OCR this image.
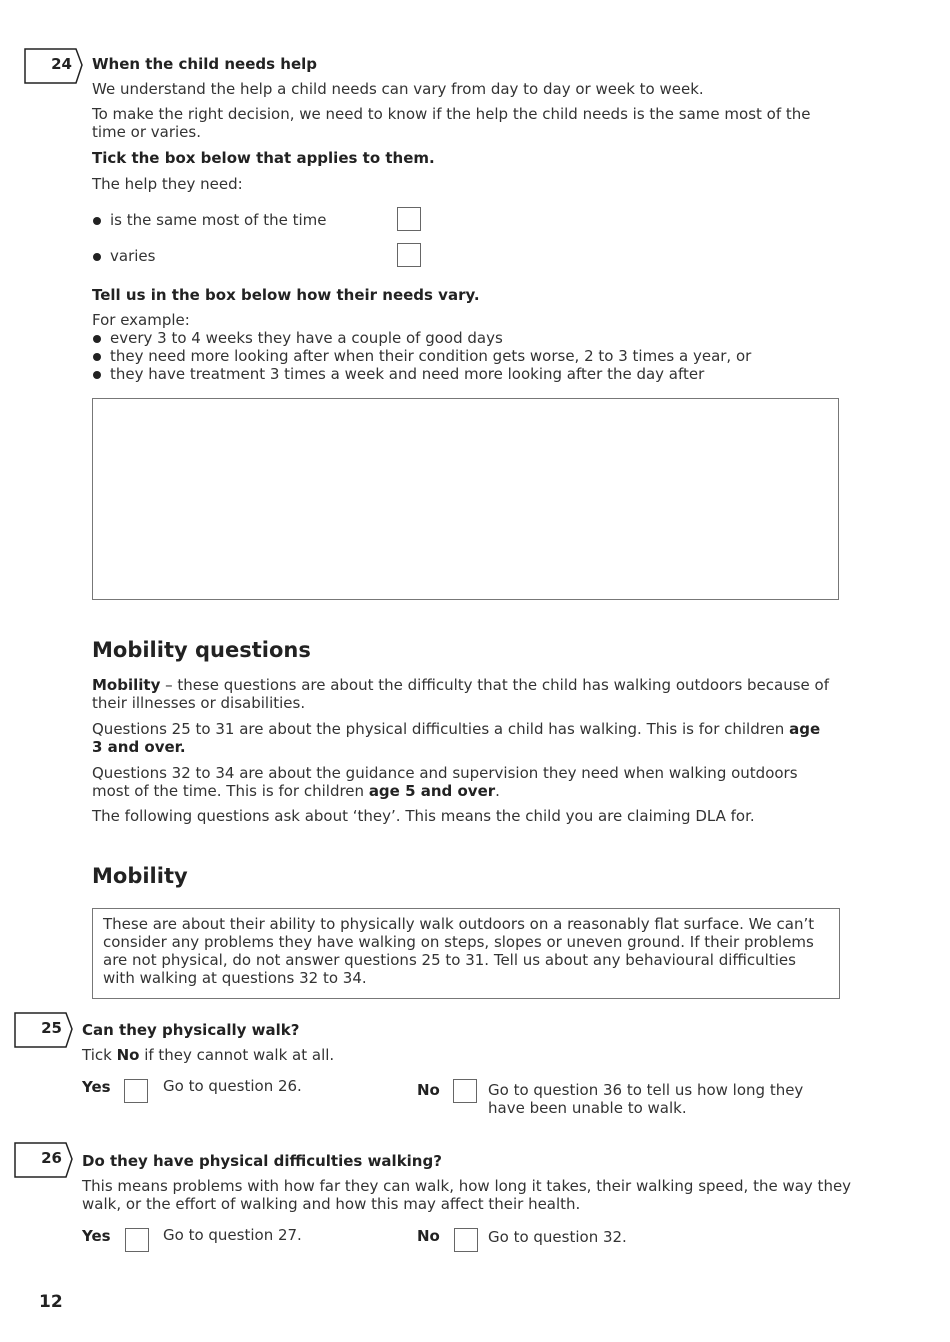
24 When the child needs help
We understand the help a child needs can vary from day to day or week to week.
To make the right decision, we need to know if the help the child needs is the same most of the time or varies.
Tick the box below that applies to them.
The help they need:
is the same most of the time
varies
Tell us in the box below how their needs vary.
For example:
every 3 to 4 weeks they have a couple of good days
they need more looking after when their condition gets worse, 2 to 3 times a year, or
they have treatment 3 times a week and need more looking after the day after
Mobility questions
Mobility – these questions are about the difficulty that the child has walking outdoors because of their illnesses or disabilities.
Questions 25 to 31 are about the physical difficulties a child has walking. This is for children age 3 and over.
Questions 32 to 34 are about the guidance and supervision they need when walking outdoors most of the time. This is for children age 5 and over.
The following questions ask about ‘they’. This means the child you are claiming DLA for.
Mobility
These are about their ability to physically walk outdoors on a reasonably flat surface. We can’t consider any problems they have walking on steps, slopes or uneven ground. If their problems are not physical, do not answer questions 25 to 31. Tell us about any behavioural difficulties with walking at questions 32 to 34.
25 Can they physically walk?
Tick No if they cannot walk at all.
Yes	Go to question 26.	No	Go to question 36 to tell us how long they have been unable to walk.
26 Do they have physical difficulties walking?
This means problems with how far they can walk, how long it takes, their walking speed, the way they walk, or the effort of walking and how this may affect their health.
Yes	Go to question 27.	No	Go to question 32.
12
